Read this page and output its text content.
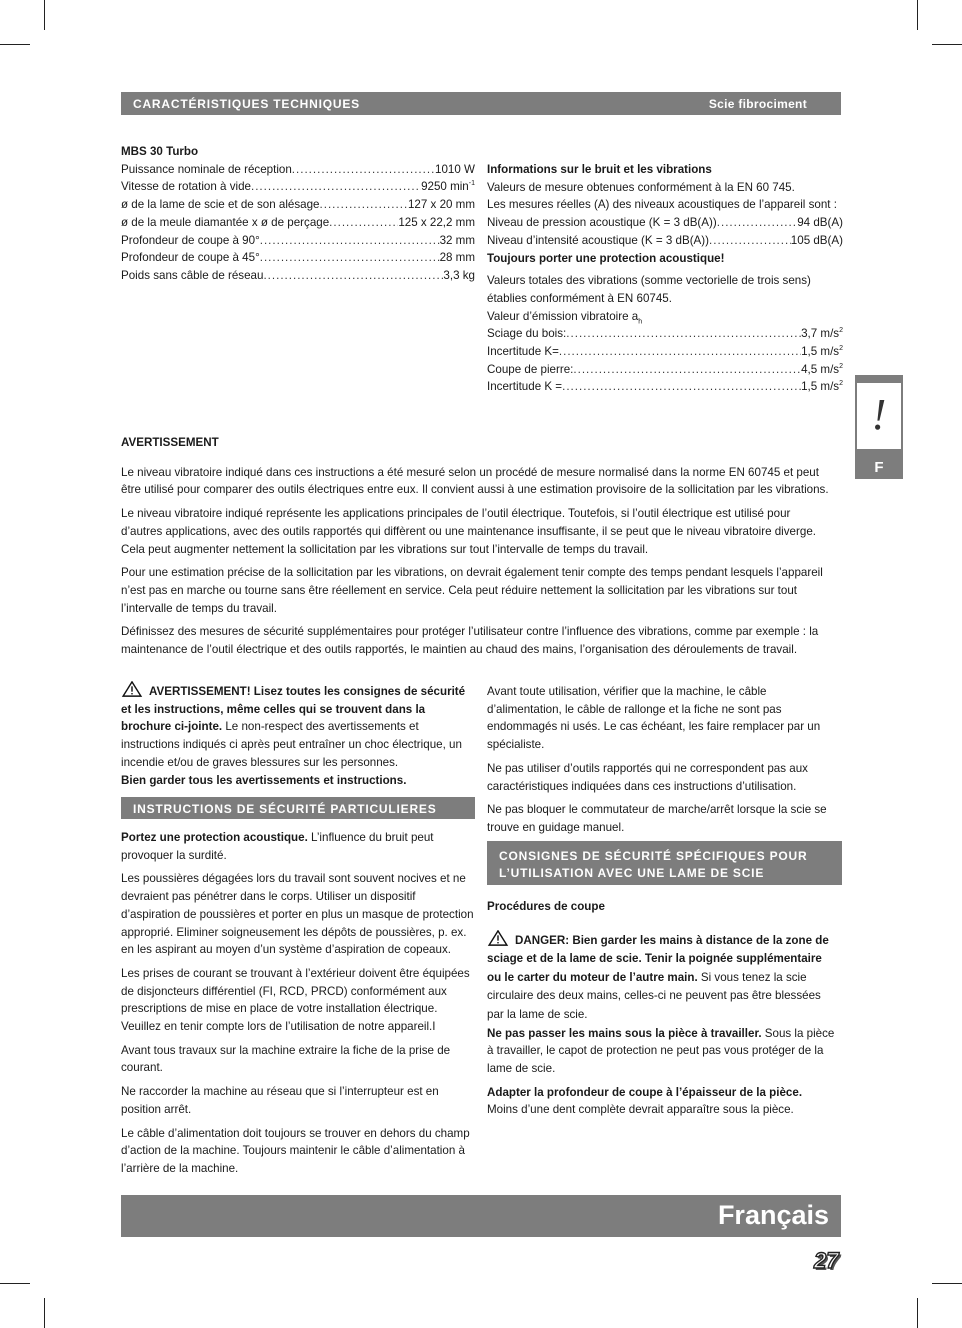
CARACTÉRISTIQUES TECHNIQUES	Scie fibrociment

MBS 30 Turbo

Puissance nominale de réception .....	1010 W
Vitesse de rotation à vide .....	9250 $\min^{-1}$
ø de la lame de scie et de son alésage .....	127 x 20 mm
ø de la meule diamantée x ø de perçage .....	125 x 22,2 mm
Profondeur de coupe à 90° .....	32 mm
Profondeur de coupe à 45° .....	28 mm
Poids sans câble de réseau .....	3,3 kg

Informations sur le bruit et les vibrations

Valeurs de mesure obtenues conformément à la EN 60 745.

Les mesures réelles (A) des niveaux acoustiques de l’appareil sont :

Niveau de pression acoustique (K = 3 dB(A)) .....	94 dB(A)
Niveau d’intensité acoustique (K = 3 dB(A)) .....	105 dB(A)

Toujours porter une protection acoustique!

Valeurs totales des vibrations (somme vectorielle de trois sens) établies conformément à EN 60745.

Valeur d’émission vibratoire $a_h$

Sciage du bois: .....	3,7 $m/s^2$
Incertitude K= .....	1,5 $m/s^2$
Coupe de pierre: .....	4,5 $m/s^2$
Incertitude K = .....	1,5 $m/s^2$
!
F

AVERTISSEMENT

Le niveau vibratoire indiqué dans ces instructions a été mesuré selon un procédé de mesure normalisé dans la norme EN 60745 et peut être utilisé pour comparer des outils électriques entre eux. Il convient aussi à une estimation provisoire de la sollicitation par les vibrations.

Le niveau vibratoire indiqué représente les applications principales de l’outil électrique. Toutefois, si l’outil électrique est utilisé pour d’autres applications, avec des outils rapportés qui diffèrent ou une maintenance insuffisante, il se peut que le niveau vibratoire diverge. Cela peut augmenter nettement la sollicitation par les vibrations sur tout l’intervalle de temps du travail.

Pour une estimation précise de la sollicitation par les vibrations, on devrait également tenir compte des temps pendant lesquels l’appareil n’est pas en marche ou tourne sans être réellement en service. Cela peut réduire nettement la sollicitation par les vibrations sur tout l’intervalle de temps du travail.

Définissez des mesures de sécurité supplémentaires pour protéger l’utilisateur contre l’influence des vibrations, comme par exemple : la maintenance de l’outil électrique et des outils rapportés, le maintien au chaud des mains, l’organisation des déroulements de travail.

AVERTISSEMENT! Lisez toutes les consignes de sécurité et les instructions, même celles qui se trouvent dans la brochure ci-jointe. Le non-respect des avertissements et instructions indiqués ci après peut entraîner un choc électrique, un incendie et/ou de graves blessures sur les personnes.

Bien garder tous les avertissements et instructions.

INSTRUCTIONS DE SÉCURITÉ PARTICULIERES

Portez une protection acoustique. L’influence du bruit peut provoquer la surdité.

Les poussières dégagées lors du travail sont souvent nocives et ne devraient pas pénétrer dans le corps. Utiliser un dispositif d’aspiration de poussières et porter en plus un masque de protection approprié. Eliminer soigneusement les dépôts de poussières, p. ex. en les aspirant au moyen d’un système d’aspiration de copeaux.

Les prises de courant se trouvant à l’extérieur doivent être équipées de disjoncteurs différentiel (FI, RCD, PRCD) conformément aux prescriptions de mise en place de votre installation électrique. Veuillez en tenir compte lors de l’utilisation de notre appareil.I

Avant tous travaux sur la machine extraire la fiche de la prise de courant.

Ne raccorder la machine au réseau que si l’interrupteur est en position arrêt.

Le câble d’alimentation doit toujours se trouver en dehors du champ d’action de la machine. Toujours maintenir le câble d’alimentation à l’arrière de la machine.

Avant toute utilisation, vérifier que la machine, le câble d’alimentation, le câble de rallonge et la fiche ne sont pas endommagés ni usés. Le cas échéant, les faire remplacer par un spécialiste.

Ne pas utiliser d’outils rapportés qui ne correspondent pas aux caractéristiques indiquées dans ces instructions d’utilisation.

Ne pas bloquer le commutateur de marche/arrêt lorsque la scie se trouve en guidage manuel.

CONSIGNES DE SÉCURITÉ SPÉCIFIQUES POUR L’UTILISATION AVEC UNE LAME DE SCIE CIRCULAIRE

Procédures de coupe

DANGER: Bien garder les mains à distance de la zone de sciage et de la lame de scie. Tenir la poignée supplémentaire ou le carter du moteur de l’autre main. Si vous tenez la scie circulaire des deux mains, celles-ci ne peuvent pas être blessées par la lame de scie.

Ne pas passer les mains sous la pièce à travailler. Sous la pièce à travailler, le capot de protection ne peut pas vous protéger de la lame de scie.

Adapter la profondeur de coupe à l’épaisseur de la pièce.

Moins d’une dent complète devrait apparaître sous la pièce.

Français
27
